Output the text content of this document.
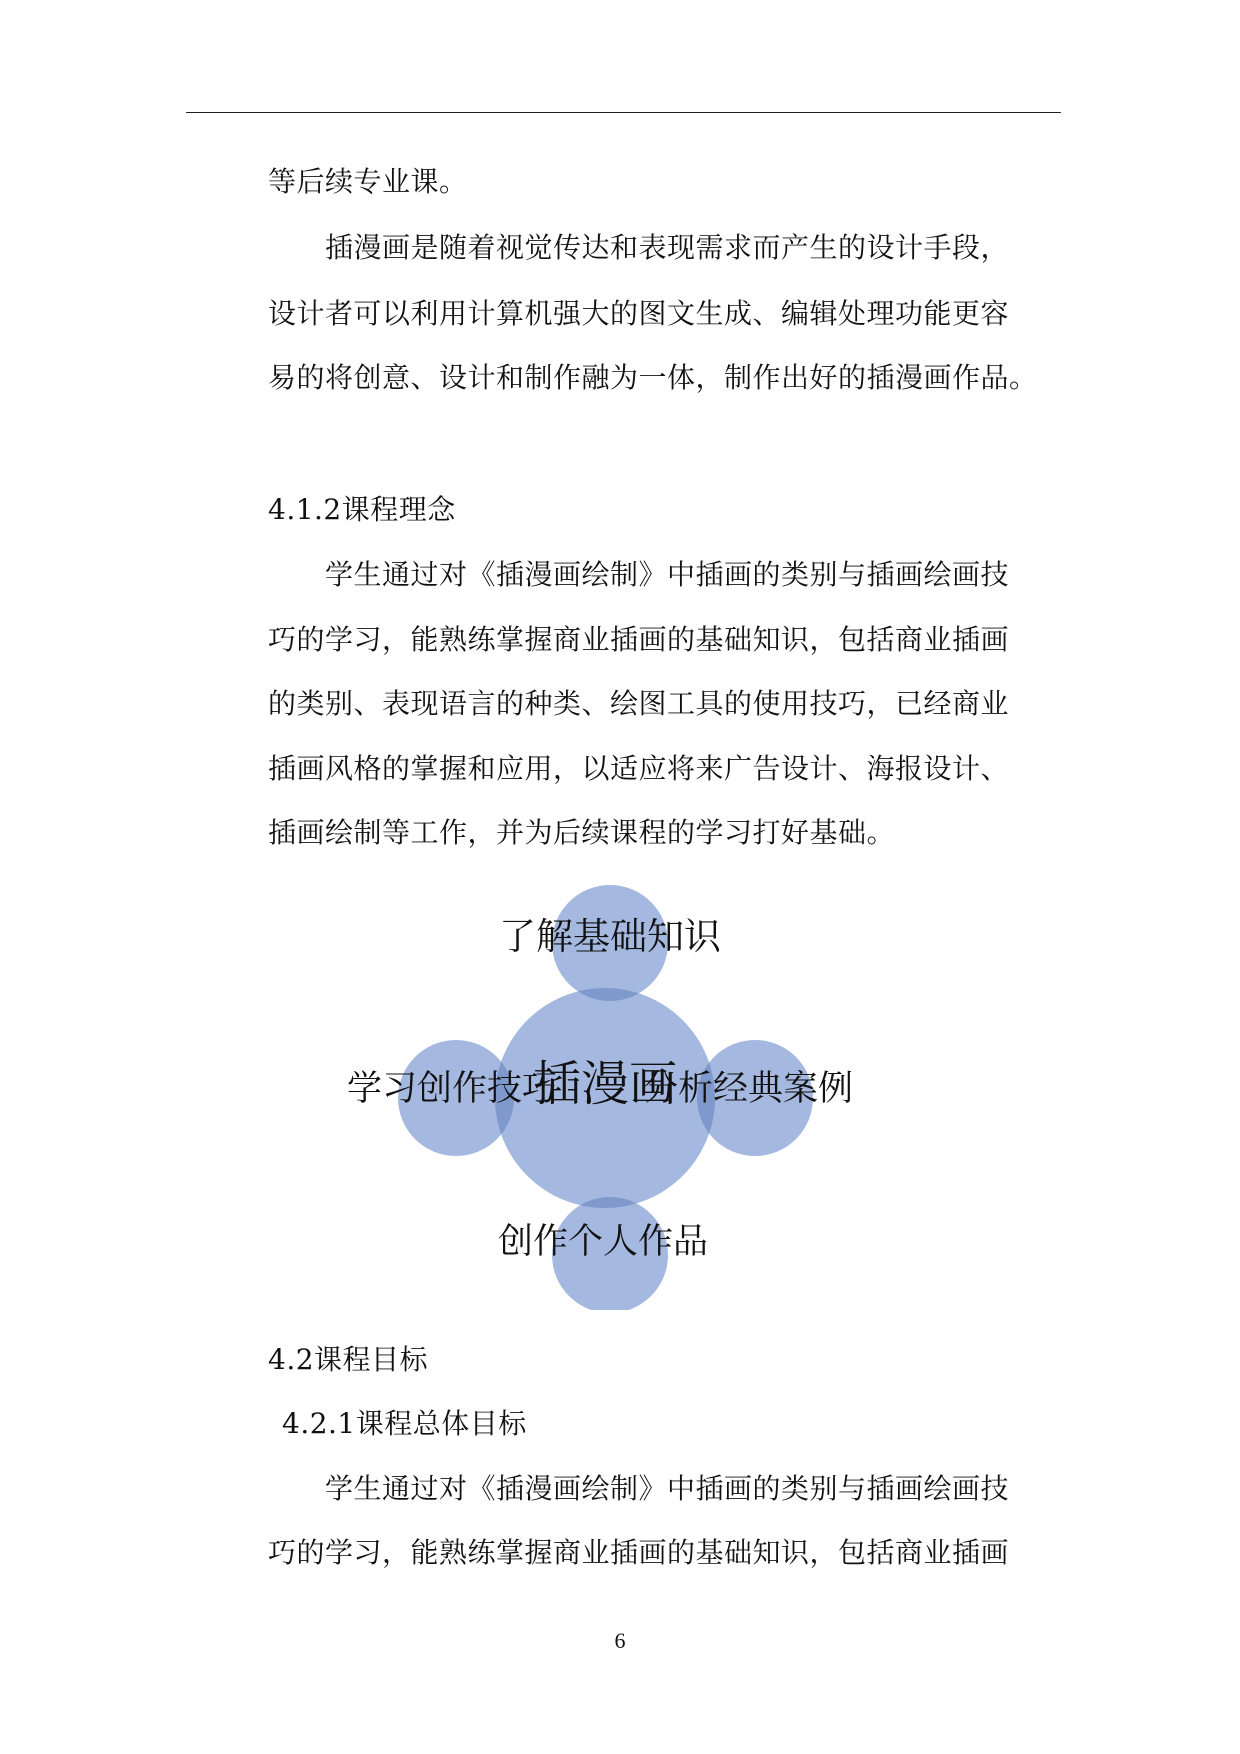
等后续专业课。
插漫画是随着视觉传达和表现需求而产生的设计手段，
设计者可以利用计算机强大的图文生成、编辑处理功能更容
易的将创意、设计和制作融为一体，制作出好的插漫画作品。
4.1.2课程理念
学生通过对《插漫画绘制》中插画的类别与插画绘画技
巧的学习，能熟练掌握商业插画的基础知识，包括商业插画
的类别、表现语言的种类、绘图工具的使用技巧，已经商业
插画风格的掌握和应用，以适应将来广告设计、海报设计、
插画绘制等工作，并为后续课程的学习打好基础。
了解基础知识
学习创作技巧 分析经典案例
创作个人作品
插漫画
4.2课程目标
4.2.1课程总体目标
学生通过对《插漫画绘制》中插画的类别与插画绘画技
巧的学习，能熟练掌握商业插画的基础知识，包括商业插画
6
